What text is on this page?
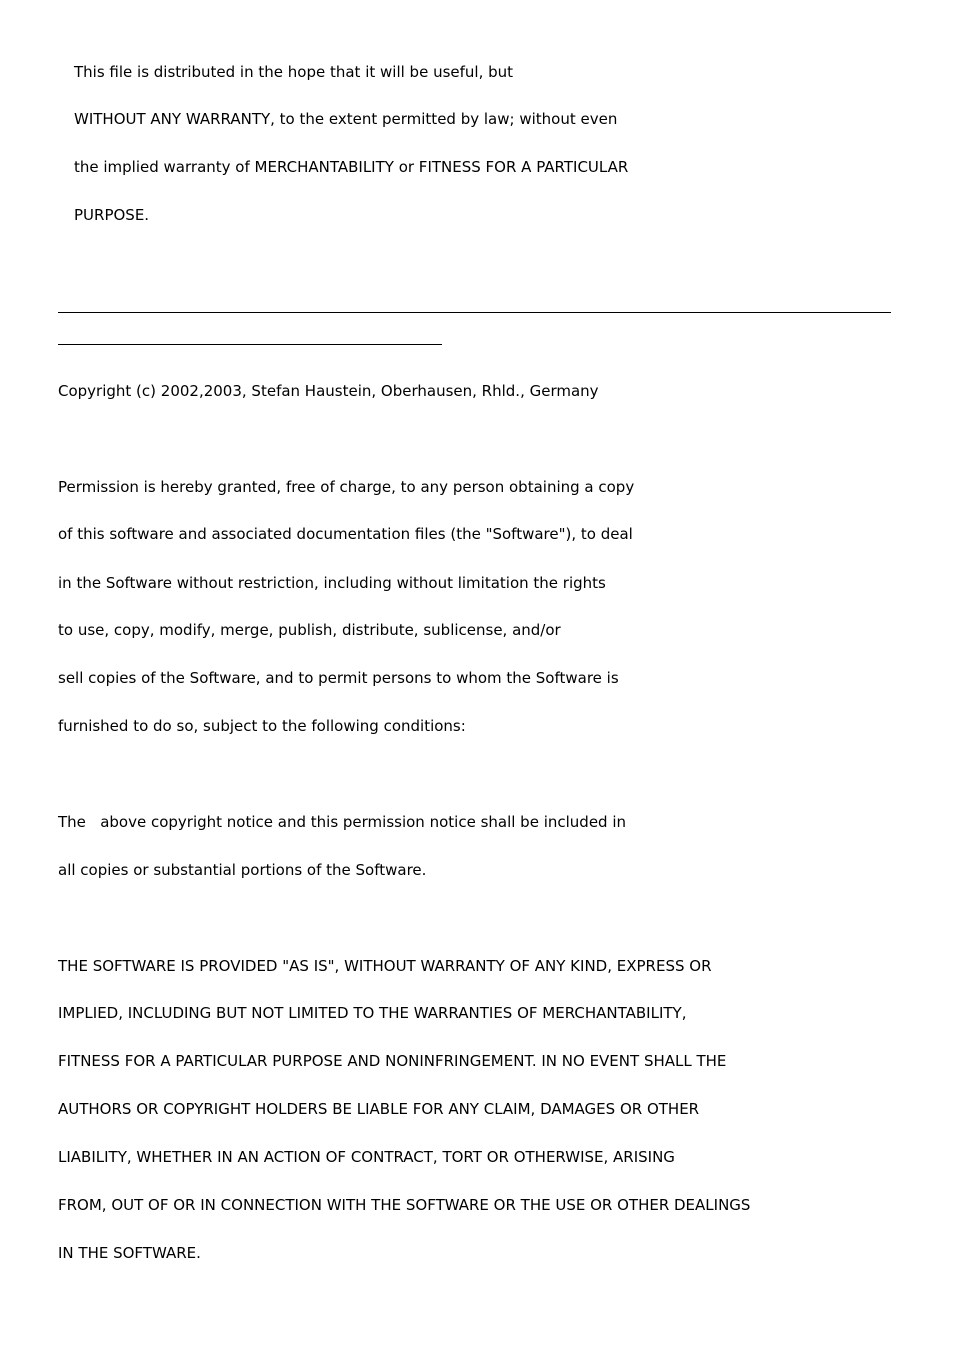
This file is distributed in the hope that it will be useful, but

WITHOUT ANY WARRANTY, to the extent permitted by law; without even

the implied warranty of MERCHANTABILITY or FITNESS FOR A PARTICULAR

PURPOSE.

Copyright (c) 2002,2003, Stefan Haustein, Oberhausen, Rhld., Germany

Permission is hereby granted, free of charge, to any person obtaining a copy

of this software and associated documentation files (the "Software"), to deal

in the Software without restriction, including without limitation the rights

to use, copy, modify, merge, publish, distribute, sublicense, and/or

sell copies of the Software, and to permit persons to whom the Software is

furnished to do so, subject to the following conditions:

The   above copyright notice and this permission notice shall be included in

all copies or substantial portions of the Software.

THE SOFTWARE IS PROVIDED "AS IS", WITHOUT WARRANTY OF ANY KIND, EXPRESS OR

IMPLIED, INCLUDING BUT NOT LIMITED TO THE WARRANTIES OF MERCHANTABILITY,

FITNESS FOR A PARTICULAR PURPOSE AND NONINFRINGEMENT. IN NO EVENT SHALL THE

AUTHORS OR COPYRIGHT HOLDERS BE LIABLE FOR ANY CLAIM, DAMAGES OR OTHER

LIABILITY, WHETHER IN AN ACTION OF CONTRACT, TORT OR OTHERWISE, ARISING

FROM, OUT OF OR IN CONNECTION WITH THE SOFTWARE OR THE USE OR OTHER DEALINGS

IN THE SOFTWARE.
